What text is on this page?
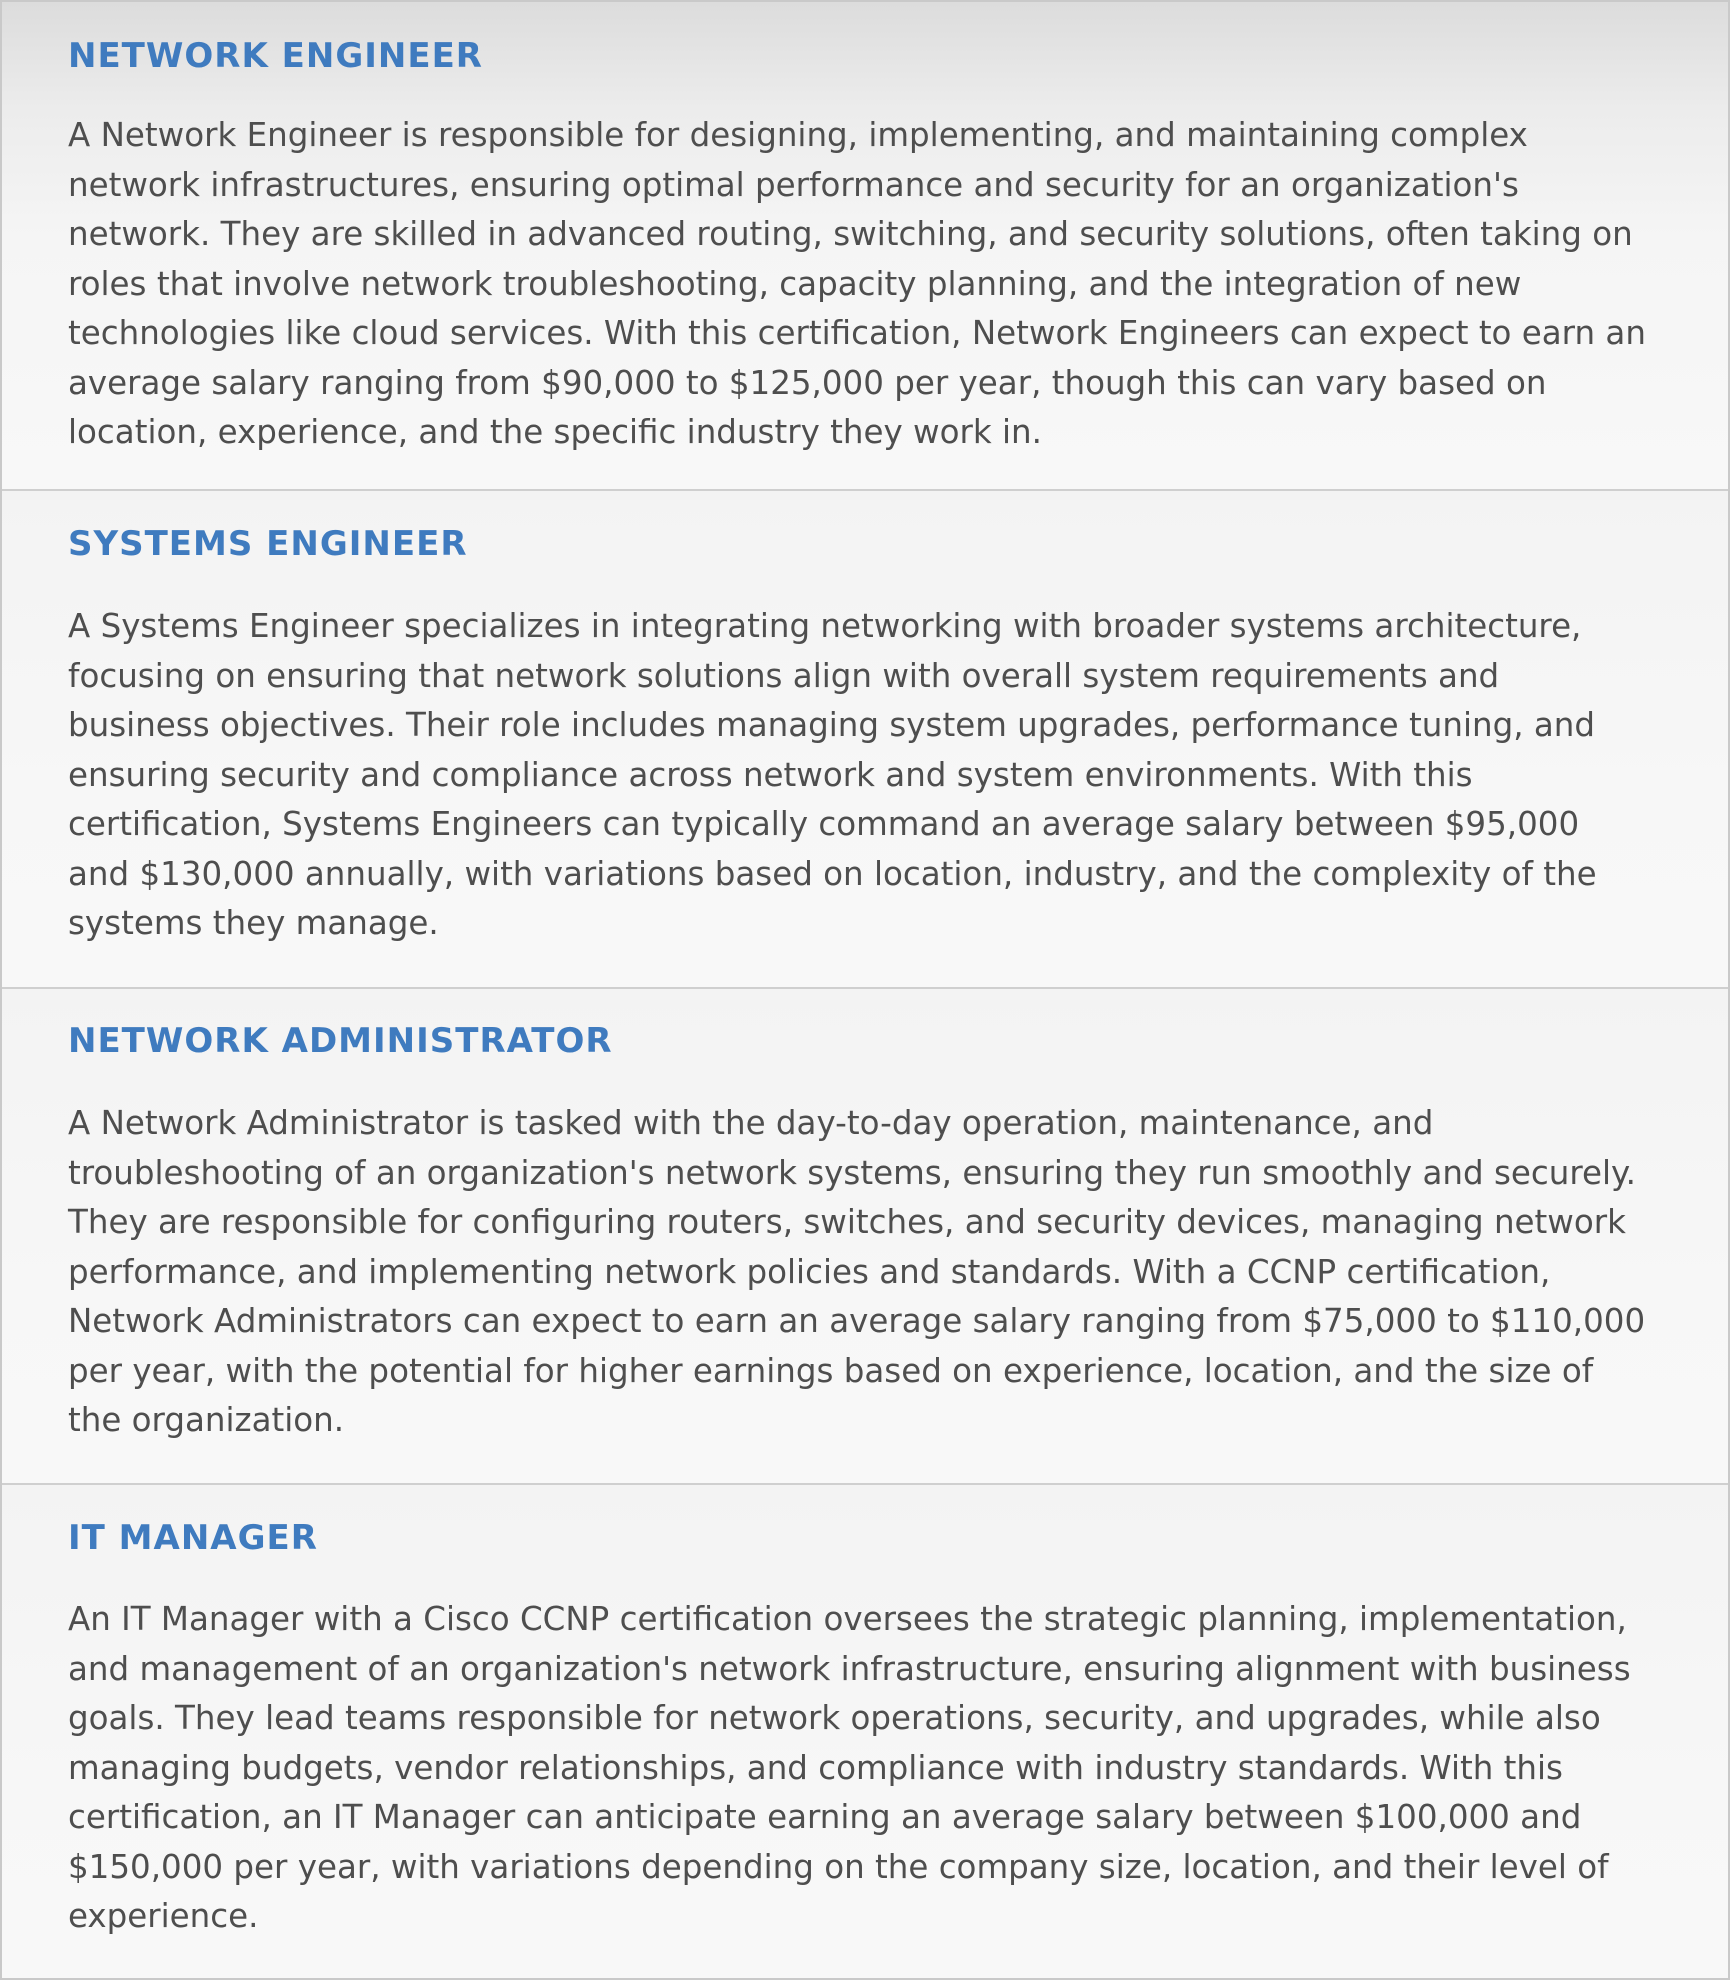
NETWORK ENGINEER

A Network Engineer is responsible for designing, implementing, and maintaining complex network infrastructures, ensuring optimal performance and security for an organization's network. They are skilled in advanced routing, switching, and security solutions, often taking on roles that involve network troubleshooting, capacity planning, and the integration of new technologies like cloud services. With this certification, Network Engineers can expect to earn an average salary ranging from $90,000 to $125,000 per year, though this can vary based on location, experience, and the specific industry they work in.

SYSTEMS ENGINEER

A Systems Engineer specializes in integrating networking with broader systems architecture, focusing on ensuring that network solutions align with overall system requirements and business objectives. Their role includes managing system upgrades, performance tuning, and ensuring security and compliance across network and system environments. With this certification, Systems Engineers can typically command an average salary between $95,000 and $130,000 annually, with variations based on location, industry, and the complexity of the systems they manage.

NETWORK ADMINISTRATOR

A Network Administrator is tasked with the day-to-day operation, maintenance, and troubleshooting of an organization's network systems, ensuring they run smoothly and securely. They are responsible for configuring routers, switches, and security devices, managing network performance, and implementing network policies and standards. With a CCNP certification, Network Administrators can expect to earn an average salary ranging from $75,000 to $110,000 per year, with the potential for higher earnings based on experience, location, and the size of the organization.

IT MANAGER

An IT Manager with a Cisco CCNP certification oversees the strategic planning, implementation, and management of an organization's network infrastructure, ensuring alignment with business goals. They lead teams responsible for network operations, security, and upgrades, while also managing budgets, vendor relationships, and compliance with industry standards. With this certification, an IT Manager can anticipate earning an average salary between $100,000 and $150,000 per year, with variations depending on the company size, location, and their level of experience.
